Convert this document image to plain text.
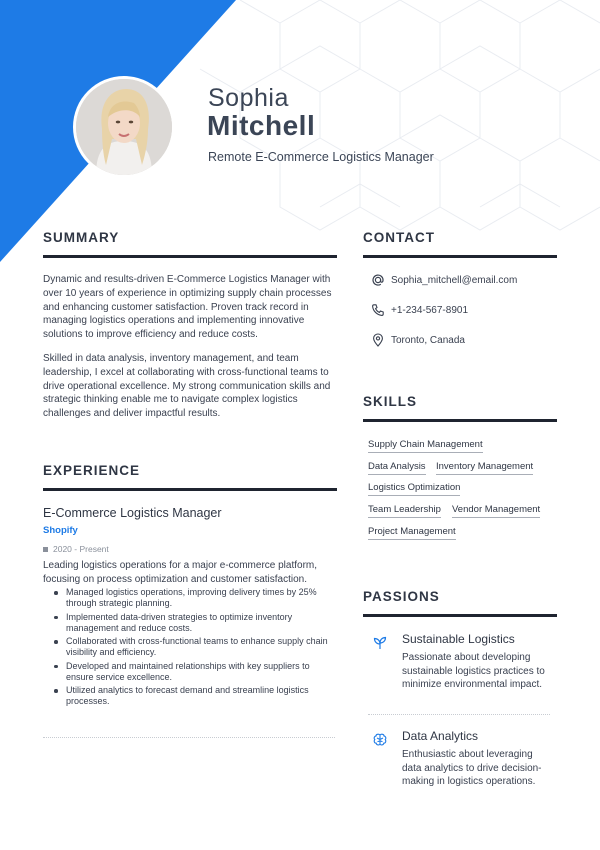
Sophia
Mitchell
Remote E-Commerce Logistics Manager
SUMMARY

Dynamic and results-driven E-Commerce Logistics Manager with over 10 years of experience in optimizing supply chain processes and enhancing customer satisfaction. Proven track record in managing logistics operations and implementing innovative solutions to improve efficiency and reduce costs.

Skilled in data analysis, inventory management, and team leadership, I excel at collaborating with cross-functional teams to drive operational excellence. My strong communication skills and strategic thinking enable me to navigate complex logistics challenges and deliver impactful results.

EXPERIENCE
E-Commerce Logistics Manager
Shopify
2020 - Present

Leading logistics operations for a major e-commerce platform, focusing on process optimization and customer satisfaction.

Managed logistics operations, improving delivery times by 25% through strategic planning.
Implemented data-driven strategies to optimize inventory management and reduce costs.
Collaborated with cross-functional teams to enhance supply chain visibility and efficiency.
Developed and maintained relationships with key suppliers to ensure service excellence.
Utilized analytics to forecast demand and streamline logistics processes.
CONTACT
Sophia_mitchell@email.com
+1-234-567-8901
Toronto, Canada
SKILLS
Supply Chain Management
Data Analysis Inventory Management
Logistics Optimization
Team Leadership Vendor Management
Project Management
PASSIONS
Sustainable Logistics

Passionate about developing sustainable logistics practices to minimize environmental impact.

Data Analytics

Enthusiastic about leveraging data analytics to drive decision-making in logistics operations.
